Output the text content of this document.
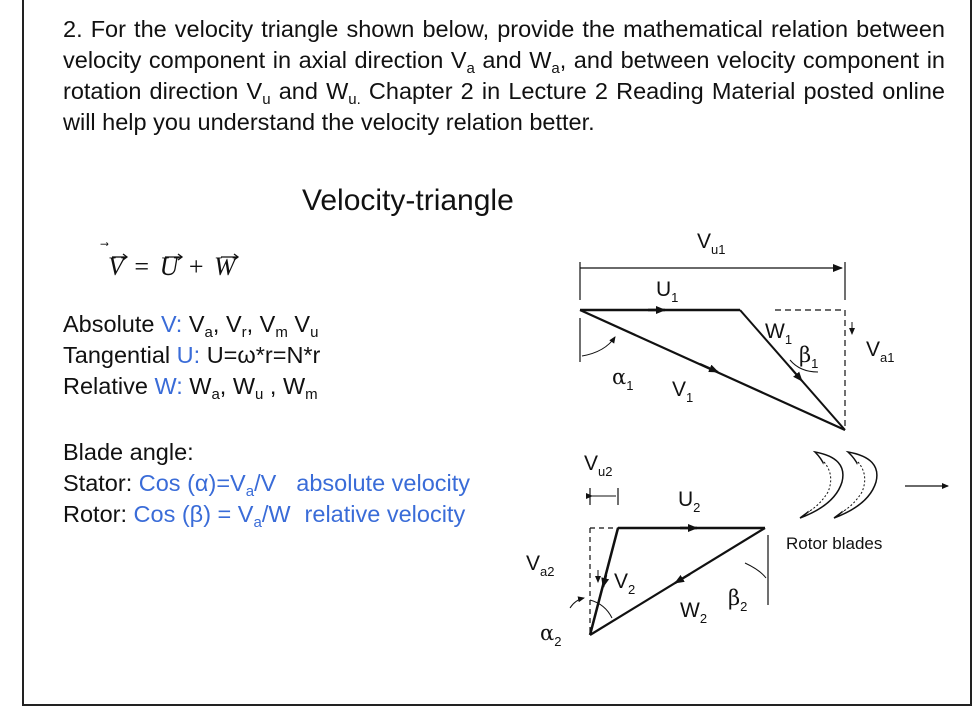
2. For the velocity triangle shown below, provide the mathematical relation between velocity component in axial direction $V_a$ and $W_a$, and between velocity component in rotation direction $V_u$ and $W_{u.}$ Chapter 2 in Lecture 2 Reading Material posted online will help you understand the velocity relation better.

Velocity-triangle
V = U + W
Absolute V: $V_a$, $V_r$, $V_m$ $V_u$
Tangential U: U=ω*r=N*r
Relative W: $W_a$, $W_u$ , $W_m$
Blade angle:
Stator: Cos $(\alpha)=V_a/V$ absolute velocity
Rotor: Cos $(\beta) = V_a/W$ relative velocity
$V_{u1}$
$U_1$
$W_1$
$\beta_1$
$V_{a1}$
$\alpha_1$ $V_1$
Rotor blades
$V_{u2}$
$U_2$
$V_{a2}$	$V_2$	$\beta_2$
$W_2$
$\alpha_2$
